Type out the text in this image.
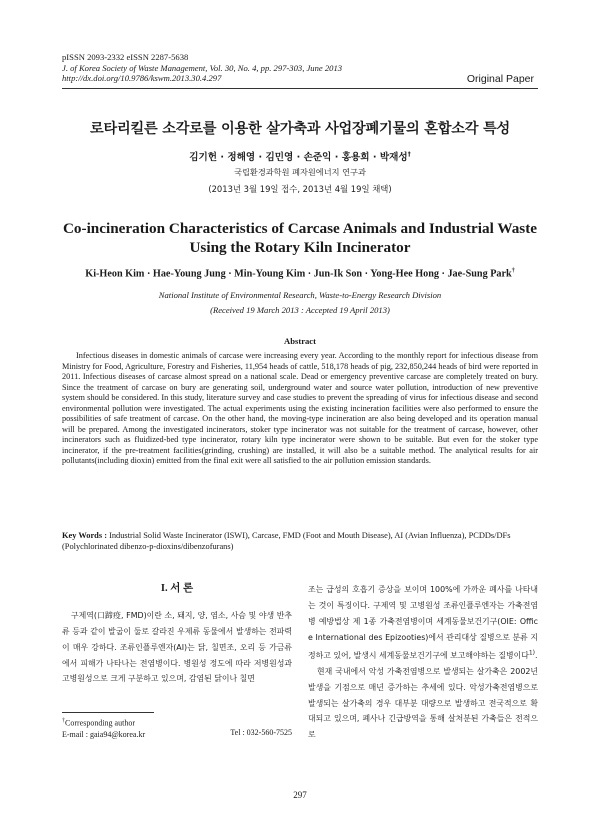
pISSN 2093-2332 eISSN 2287-5638
J. of Korea Society of Waste Management, Vol. 30, No. 4, pp. 297-303, June 2013
http://dx.doi.org/10.9786/kswm.2013.30.4.297	Original Paper
로타리킬른 소각로를 이용한 살가축과 사업장폐기물의 혼합소각 특성
김기헌 · 정해영 · 김민영 · 손준익 · 홍용희 · 박재성†
국립환경과학원 폐자원에너지 연구과
(2013년 3월 19일 접수, 2013년 4월 19일 채택)
Co-incineration Characteristics of Carcase Animals and Industrial Waste
Using the Rotary Kiln Incinerator
Ki-Heon Kim · Hae-Young Jung · Min-Young Kim · Jun-Ik Son · Yong-Hee Hong · Jae-Sung Park†
National Institute of Environmental Research, Waste-to-Energy Research Division
(Received 19 March 2013 : Accepted 19 April 2013)
Abstract
Infectious diseases in domestic animals of carcase were increasing every year. According to the monthly report for infectious disease from Ministry for Food, Agriculture, Forestry and Fisheries, 11,954 heads of cattle, 518,178 heads of pig, 232,850,244 heads of bird were reported in 2011. Infectious diseases of carcase almost spread on a national scale. Dead or emergency preventive carcase are completely treated on bury. Since the treatment of carcase on bury are generating soil, underground water and source water pollution, introduction of new preventive system should be considered. In this study, literature survey and case studies to prevent the spreading of virus for infectious disease and second environmental pollution were investigated. The actual experiments using the existing incineration facilities were also performed to ensure the possibilities of safe treatment of carcase. On the other hand, the moving-type incineration are also being developed and its operation manual will be prepared. Among the investigated incinerators, stoker type incinerator was not suitable for the treatment of carcase, however, other incinerators such as fluidized-bed type incinerator, rotary kiln type incinerator were shown to be suitable. But even for the stoker type incinerator, if the pre-treatment facilities(grinding, crushing) are installed, it will also be a suitable method. The analytical results for air pollutants(including dioxin) emitted from the final exit were all satisfied to the air pollution emission standards.
Key Words : Industrial Solid Waste Incinerator (ISWI), Carcase, FMD (Foot and Mouth Disease), AI (Avian Influenza), PCDDs/DFs (Polychlorinated dibenzo-p-dioxins/dibenzofurans)
I. 서 론
구제역(口蹄疫, FMD)이란 소, 돼지, 양, 염소, 사슴 및 야생 반추류 등과 같이 발굽이 둘로 갈라진 우제류 동물에서 발생하는 전파력이 매우 강하다. 조류인플루엔자(AI)는 닭, 칠면조, 오리 등 가금류에서 피해가 나타나는 전염병이다. 병원성 정도에 따라 저병원성과 고병원성으로 크게 구분하고 있으며, 감염된 닭이나 칠면
조는 급성의 호흡기 증상을 보이며 100%에 가까운 폐사를 나타내는 것이 특징이다. 구제역 및 고병원성 조류인플루엔자는 가축전염병 예방법상 제 1종 가축전염병이며 세계동물보건기구(OIE: Office International des Epizooties)에서 관리대상 질병으로 분류 지정하고 있어, 발생시 세계동물보건기구에 보고해야하는 질병이다$^{1)}$.
현재 국내에서 악성 가축전염병으로 발생되는 살가축은 2002년 발생을 기점으로 매년 증가하는 추세에 있다. 악성가축전염병으로 발생되는 살가축의 경우 대부분 대량으로 발생하고 전국적으로 확대되고 있으며, 폐사나 긴급방역을 통해 살처분된 가축들은 전적으로
†Corresponding author
E-mail : gaia94@korea.kr	Tel : 032-560-7525
297
